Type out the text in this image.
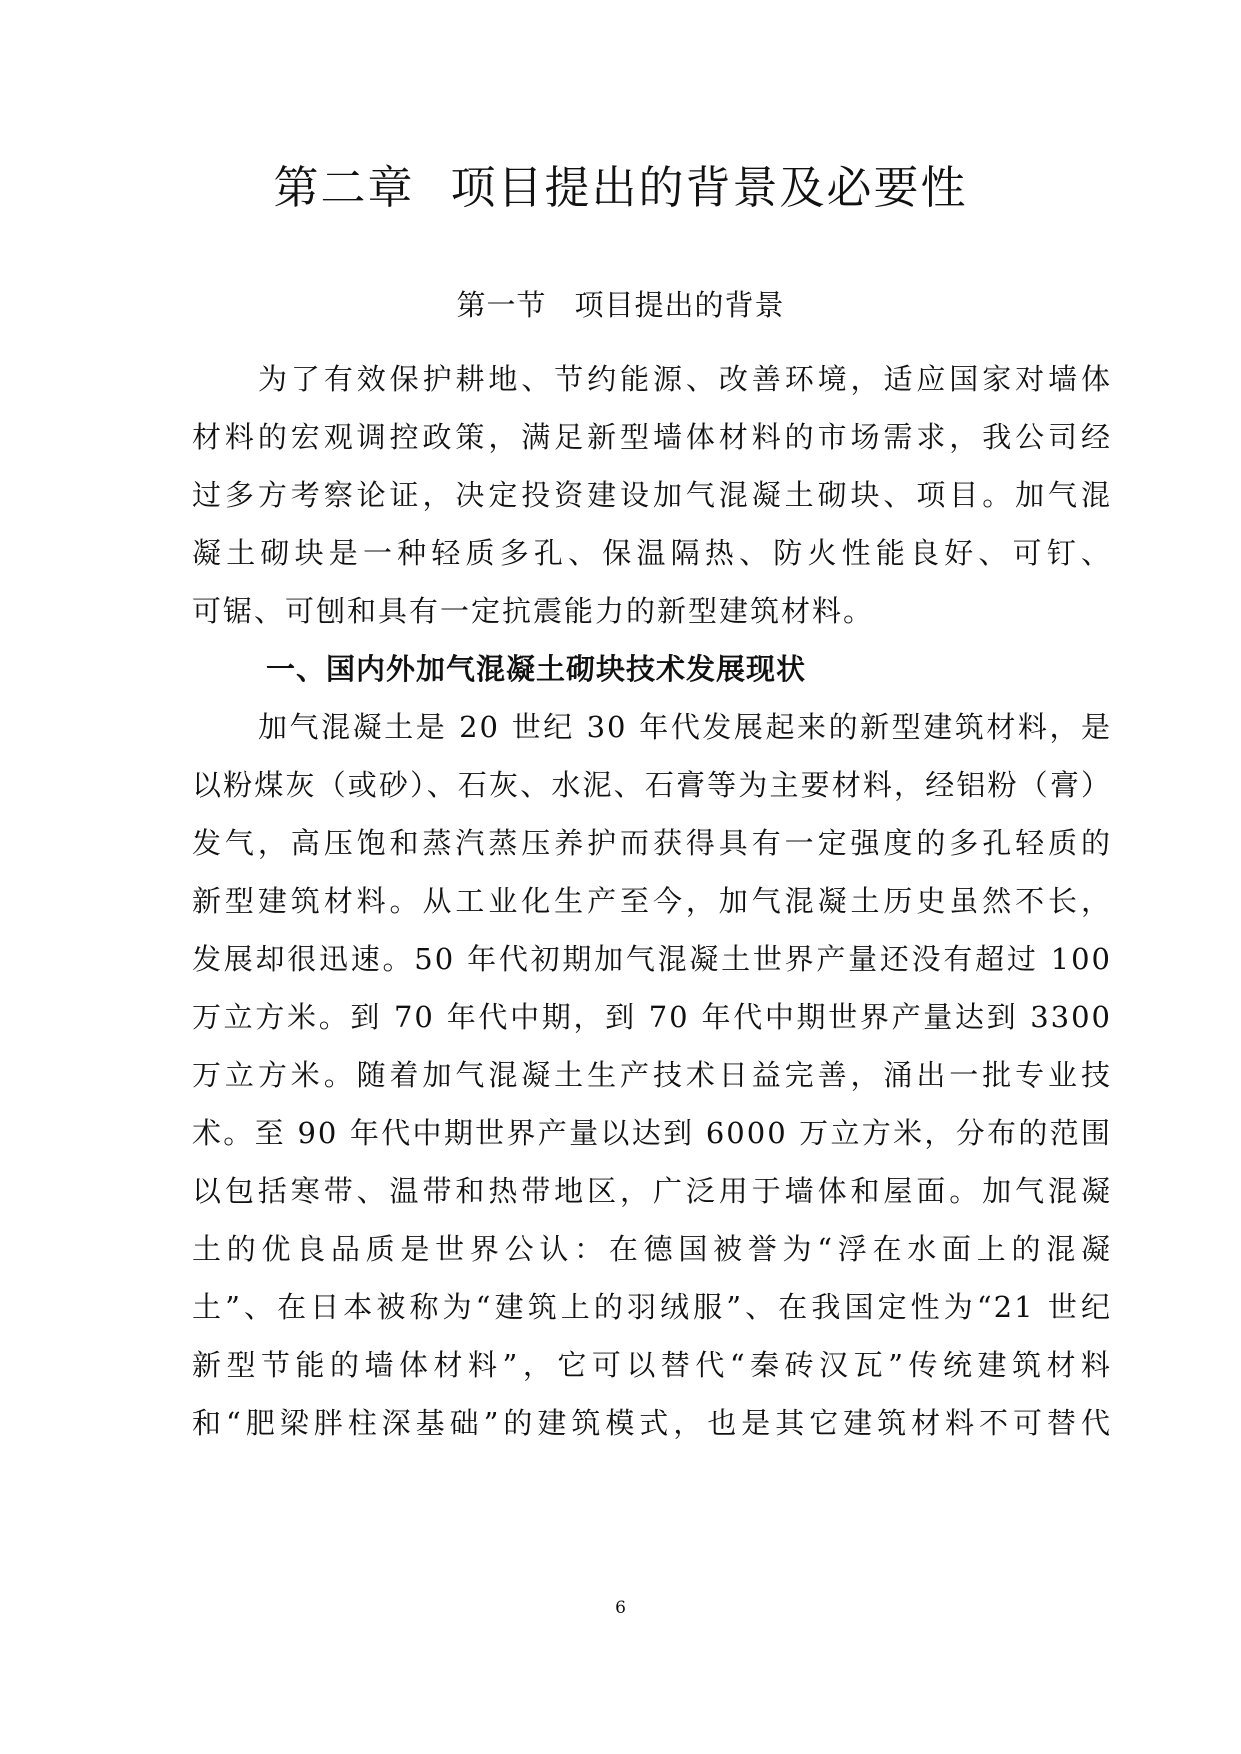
第二章 项目提出的背景及必要性
第一节 项目提出的背景
为了有效保护耕地、节约能源、改善环境，适应国家对墙体
材料的宏观调控政策，满足新型墙体材料的市场需求，我公司经
过多方考察论证，决定投资建设加气混凝土砌块、项目。加气混
凝土砌块是一种轻质多孔、保温隔热、防火性能良好、可钉、
可锯、可刨和具有一定抗震能力的新型建筑材料。
一、国内外加气混凝土砌块技术发展现状
加气混凝土是 20 世纪 30 年代发展起来的新型建筑材料，是
以粉煤灰（或砂）、石灰、水泥、石膏等为主要材料，经铝粉（膏）
发气，高压饱和蒸汽蒸压养护而获得具有一定强度的多孔轻质的
新型建筑材料。从工业化生产至今，加气混凝土历史虽然不长，
发展却很迅速。50 年代初期加气混凝土世界产量还没有超过 100
万立方米。到 70 年代中期，到 70 年代中期世界产量达到 3300
万立方米。随着加气混凝土生产技术日益完善，涌出一批专业技
术。至 90 年代中期世界产量以达到 6000 万立方米，分布的范围
以包括寒带、温带和热带地区，广泛用于墙体和屋面。加气混凝
土的优良品质是世界公认：在德国被誉为“浮在水面上的混凝
土”、在日本被称为“建筑上的羽绒服”、在我国定性为“21 世纪
新型节能的墙体材料”，它可以替代“秦砖汉瓦”传统建筑材料
和“肥梁胖柱深基础”的建筑模式，也是其它建筑材料不可替代
6
